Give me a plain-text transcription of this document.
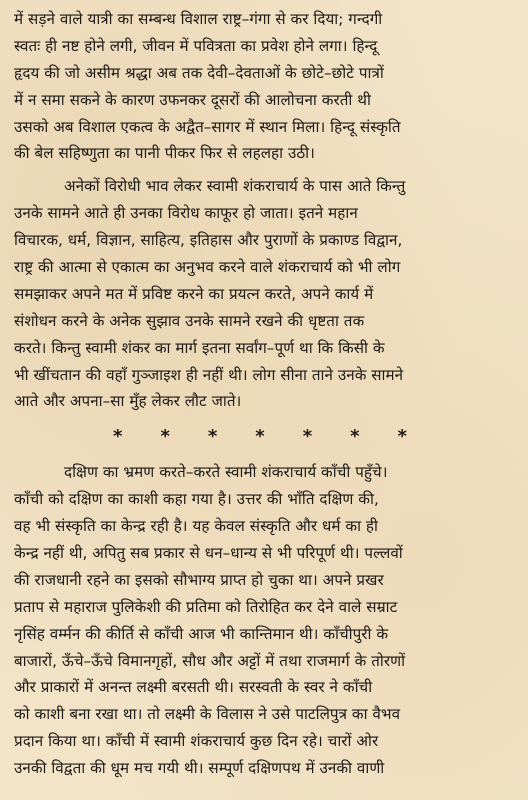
में सड़ने वाले यात्री का सम्बन्ध विशाल राष्ट्र–गंगा से कर दिया; गन्दगी
स्वतः ही नष्ट होने लगी, जीवन में पवित्रता का प्रवेश होने लगा। हिन्दू
हृदय की जो असीम श्रद्धा अब तक देवी–देवताओं के छोटे–छोटे पात्रों
में न समा सकने के कारण उफनकर दूसरों की आलोचना करती थी
उसको अब विशाल एकत्व के अद्वैत–सागर में स्थान मिला। हिन्दू संस्कृति
की बेल सहिष्णुता का पानी पीकर फिर से लहलहा उठी।
अनेकों विरोधी भाव लेकर स्वामी शंकराचार्य के पास आते किन्तु
उनके सामने आते ही उनका विरोध काफूर हो जाता। इतने महान
विचारक, धर्म, विज्ञान, साहित्य, इतिहास और पुराणों के प्रकाण्ड विद्वान,
राष्ट्र की आत्मा से एकात्म का अनुभव करने वाले शंकराचार्य को भी लोग
समझाकर अपने मत में प्रविष्ट करने का प्रयत्न करते, अपने कार्य में
संशोधन करने के अनेक सुझाव उनके सामने रखने की धृष्टता तक
करते। किन्तु स्वामी शंकर का मार्ग इतना सर्वांग–पूर्ण था कि किसी के
भी खींचतान की वहाँ गुञ्जाइश ही नहीं थी। लोग सीना ताने उनके सामने
आते और अपना–सा मुँह लेकर लौट जाते।
* * * * * * *
दक्षिण का भ्रमण करते–करते स्वामी शंकराचार्य काँची पहुँचे।
काँची को दक्षिण का काशी कहा गया है। उत्तर की भाँति दक्षिण की,
वह भी संस्कृति का केन्द्र रही है। यह केवल संस्कृति और धर्म का ही
केन्द्र नहीं थी, अपितु सब प्रकार से धन–धान्य से भी परिपूर्ण थी। पल्लवों
की राजधानी रहने का इसको सौभाग्य प्राप्त हो चुका था। अपने प्रखर
प्रताप से महाराज पुलिकेशी की प्रतिमा को तिरोहित कर देने वाले सम्राट
नृसिंह वर्म्मन की कीर्ति से काँची आज भी कान्तिमान थी। काँचीपुरी के
बाजारों, ऊँचे–ऊँचे विमानगृहों, सौध और अट्टों में तथा राजमार्ग के तोरणों
और प्राकारों में अनन्त लक्ष्मी बरसती थी। सरस्वती के स्वर ने काँची
को काशी बना रखा था। तो लक्ष्मी के विलास ने उसे पाटलिपुत्र का वैभव
प्रदान किया था। काँची में स्वामी शंकराचार्य कुछ दिन रहे। चारों ओर
उनकी विद्वता की धूम मच गयी थी। सम्पूर्ण दक्षिणपथ में उनकी वाणी
